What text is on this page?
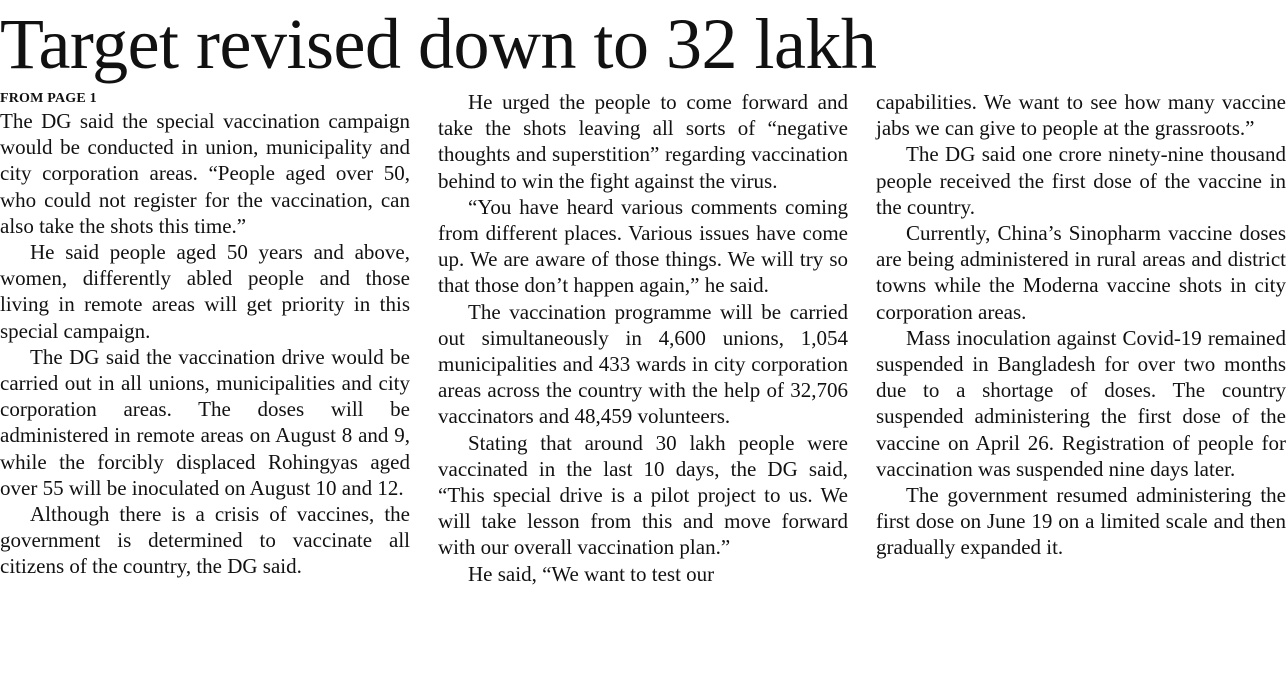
Target revised down to 32 lakh
FROM PAGE 1

The DG said the special vaccination campaign would be conducted in union, municipality and city corporation areas. “People aged over 50, who could not register for the vaccination, can also take the shots this time.”

He said people aged 50 years and above, women, differently abled people and those living in remote areas will get priority in this special campaign.

The DG said the vaccination drive would be carried out in all unions, municipalities and city corporation areas. The doses will be administered in remote areas on August 8 and 9, while the forcibly displaced Rohingyas aged over 55 will be inoculated on August 10 and 12.

Although there is a crisis of vaccines, the government is determined to vaccinate all citizens of the country, the DG said.

He urged the people to come forward and take the shots leaving all sorts of “negative thoughts and superstition” regarding vaccination behind to win the fight against the virus.

“You have heard various comments coming from different places. Various issues have come up. We are aware of those things. We will try so that those don’t happen again,” he said.

The vaccination programme will be carried out simultaneously in 4,600 unions, 1,054 municipalities and 433 wards in city corporation areas across the country with the help of 32,706 vaccinators and 48,459 volunteers.

Stating that around 30 lakh people were vaccinated in the last 10 days, the DG said, “This special drive is a pilot project to us. We will take lesson from this and move forward with our overall vaccination plan.”

He said, “We want to test our

capabilities. We want to see how many vaccine jabs we can give to people at the grassroots.”

The DG said one crore ninety-nine thousand people received the first dose of the vaccine in the country.

Currently, China’s Sinopharm vaccine doses are being administered in rural areas and district towns while the Moderna vaccine shots in city corporation areas.

Mass inoculation against Covid-19 remained suspended in Bangladesh for over two months due to a shortage of doses. The country suspended administering the first dose of the vaccine on April 26. Registration of people for vaccination was suspended nine days later.

The government resumed administering the first dose on June 19 on a limited scale and then gradually expanded it.
